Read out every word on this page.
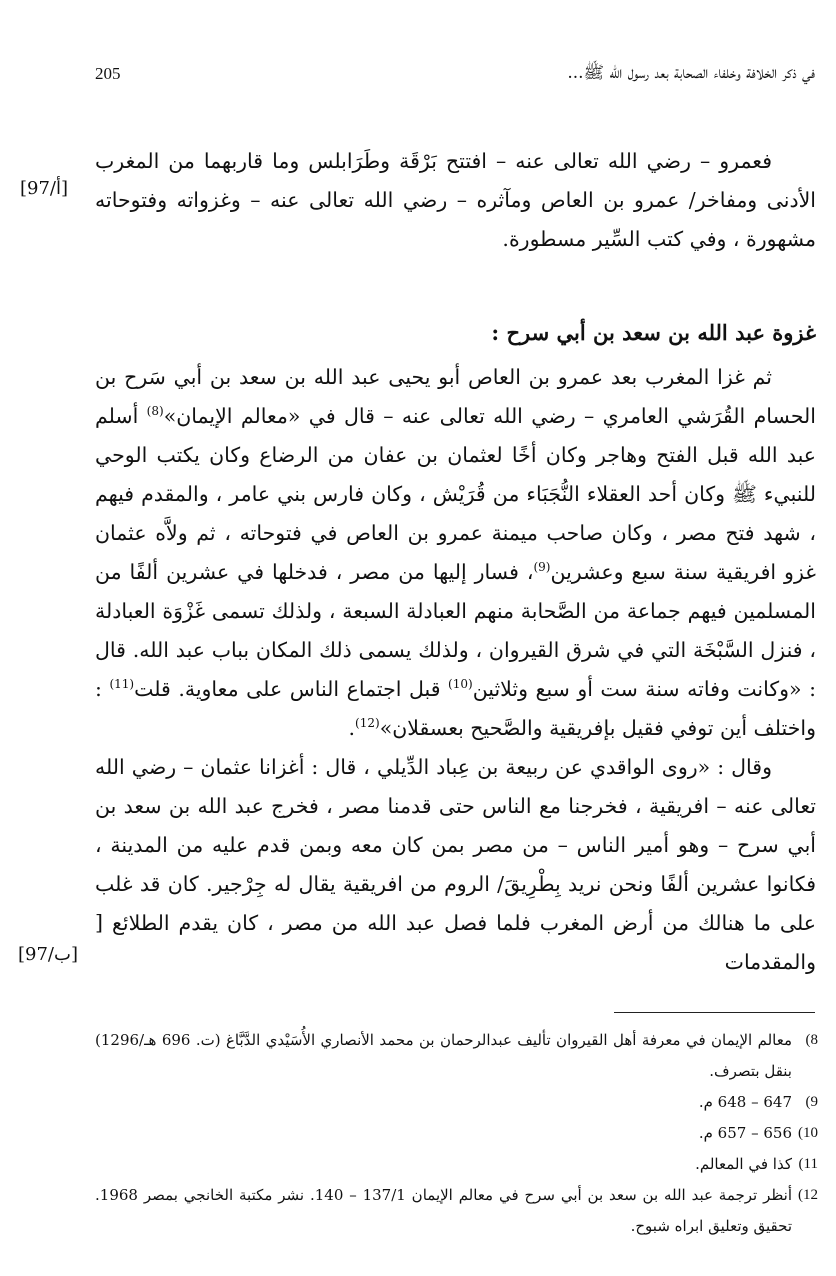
205	في ذكر الخلافة وخلفاء الصحابة بعد رسول الله ﷺ...

فعمرو – رضي الله تعالى عنه – افتتح بَرْقَة وطَرَابلس وما قاربهما من المغرب الأدنى ومفاخر/ عمرو بن العاص ومآثره – رضي الله تعالى عنه – وغزواته وفتوحاته مشهورة ، وفي كتب السِّير مسطورة.

[97/أ]
غزوة عبد الله بن سعد بن أبي سرح :

ثم غزا المغرب بعد عمرو بن العاص أبو يحيى عبد الله بن سعد بن أبي سَرح بن الحسام القُرَشي العامري – رضي الله تعالى عنه – قال في «معالم الإيمان»$^{(8)}$ أسلم عبد الله قبل الفتح وهاجر وكان أخًا لعثمان بن عفان من الرضاع وكان يكتب الوحي للنبيء ﷺ وكان أحد العقلاء النُّجَبَاء من قُرَيْش ، وكان فارس بني عامر ، والمقدم فيهم ، شهد فتح مصر ، وكان صاحب ميمنة عمرو بن العاص في فتوحاته ، ثم ولاَّه عثمان غزو افريقية سنة سبع وعشرين$^{(9)}$، فسار إليها من مصر ، فدخلها في عشرين ألفًا من المسلمين فيهم جماعة من الصَّحابة منهم العبادلة السبعة ، ولذلك تسمى غَزْوَة العبادلة ، فنزل السَّبْخَة التي في شرق القيروان ، ولذلك يسمى ذلك المكان بباب عبد الله. قال : «وكانت وفاته سنة ست أو سبع وثلاثين$^{(10)}$ قبل اجتماع الناس على معاوية. قلت$^{(11)}$ : واختلف أين توفي فقيل بإفريقية والصَّحيح بعسقلان»$^{(12)}$.

وقال : «روى الواقدي عن ربيعة بن عِباد الدِّيلي ، قال : أغزانا عثمان – رضي الله تعالى عنه – افريقية ، فخرجنا مع الناس حتى قدمنا مصر ، فخرج عبد الله بن سعد بن أبي سرح – وهو أمير الناس – من مصر بمن كان معه وبمن قدم عليه من المدينة ، فكانوا عشرين ألفًا ونحن نريد بِطْرِيقَ/ الروم من افريقية يقال له جِرْجير. كان قد غلب على ما هنالك من أرض المغرب فلما فصل عبد الله من مصر ، كان يقدم الطلائع [ والمقدمات

[97/ب]
8)
معالم الإيمان في معرفة أهل القيروان تأليف عبدالرحمان بن محمد الأنصاري الأُسَيْدي الدَّبَّاغ (ت. 696 هـ/1296) بنقل بتصرف.
9)
647 – 648 م.
10)
656 – 657 م.
11)
كذا في المعالم.
12)
أنظر ترجمة عبد الله بن سعد بن أبي سرح في معالم الإيمان 137/1 – 140. نشر مكتبة الخانجي بمصر 1968. تحقيق وتعليق ابراه شبوح.
